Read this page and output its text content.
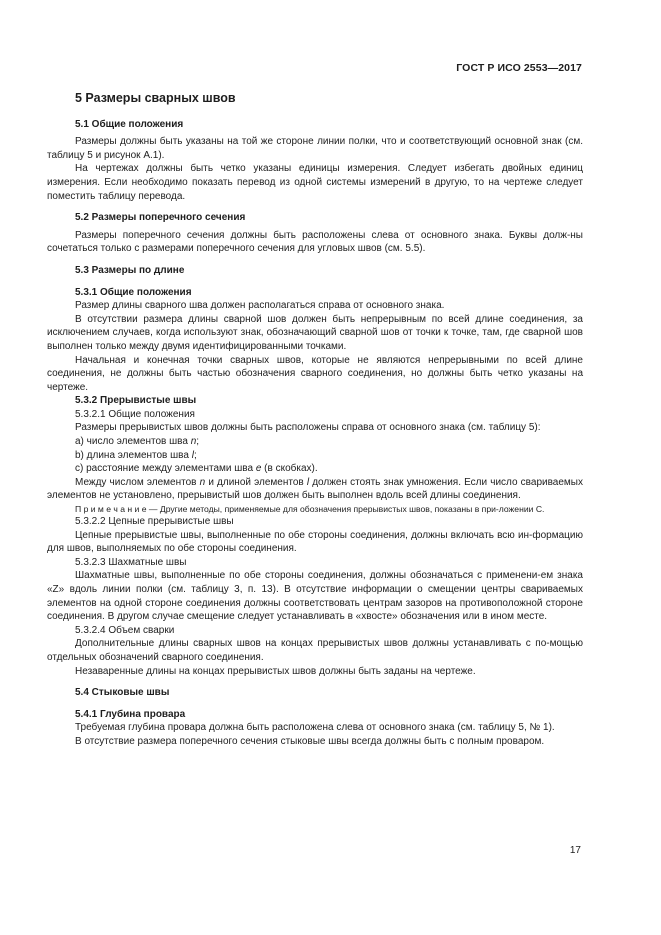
ГОСТ Р ИСО 2553—2017
5 Размеры сварных швов
5.1 Общие положения

Размеры должны быть указаны на той же стороне линии полки, что и соответствующий основной знак (см. таблицу 5 и рисунок А.1).

На чертежах должны быть четко указаны единицы измерения. Следует избегать двойных единиц измерения. Если необходимо показать перевод из одной системы измерений в другую, то на чертеже следует поместить таблицу перевода.

5.2 Размеры поперечного сечения

Размеры поперечного сечения должны быть расположены слева от основного знака. Буквы долж-ны сочетаться только с размерами поперечного сечения для угловых швов (см. 5.5).

5.3 Размеры по длине
5.3.1 Общие положения

Размер длины сварного шва должен располагаться справа от основного знака.

В отсутствии размера длины сварной шов должен быть непрерывным по всей длине соединения, за исключением случаев, когда используют знак, обозначающий сварной шов от точки к точке, там, где сварной шов выполнен только между двумя идентифицированными точками.

Начальная и конечная точки сварных швов, которые не являются непрерывными по всей длине соединения, не должны быть частью обозначения сварного соединения, но должны быть четко указаны на чертеже.

5.3.2 Прерывистые швы

5.3.2.1 Общие положения

Размеры прерывистых швов должны быть расположены справа от основного знака (см. таблицу 5):

а) число элементов шва n;

b) длина элементов шва l;

с) расстояние между элементами шва e (в скобках).

Между числом элементов n и длиной элементов l должен стоять знак умножения. Если число свариваемых элементов не установлено, прерывистый шов должен быть выполнен вдоль всей длины соединения.

П р и м е ч а н и е — Другие методы, применяемые для обозначения прерывистых швов, показаны в при-ложении С.

5.3.2.2 Цепные прерывистые швы

Цепные прерывистые швы, выполненные по обе стороны соединения, должны включать всю ин-формацию для швов, выполняемых по обе стороны соединения.

5.3.2.3 Шахматные швы

Шахматные швы, выполненные по обе стороны соединения, должны обозначаться с применени-ем знака «Z» вдоль линии полки (см. таблицу 3, п. 13). В отсутствие информации о смещении центры свариваемых элементов на одной стороне соединения должны соответствовать центрам зазоров на противоположной стороне соединения. В другом случае смещение следует устанавливать в «хвосте» обозначения или в ином месте.

5.3.2.4 Объем сварки

Дополнительные длины сварных швов на концах прерывистых швов должны устанавливать с по-мощью отдельных обозначений сварного соединения.

Незаваренные длины на концах прерывистых швов должны быть заданы на чертеже.

5.4 Стыковые швы
5.4.1 Глубина провара

Требуемая глубина провара должна быть расположена слева от основного знака (см. таблицу 5, № 1).

В отсутствие размера поперечного сечения стыковые швы всегда должны быть с полным проваром.

17
